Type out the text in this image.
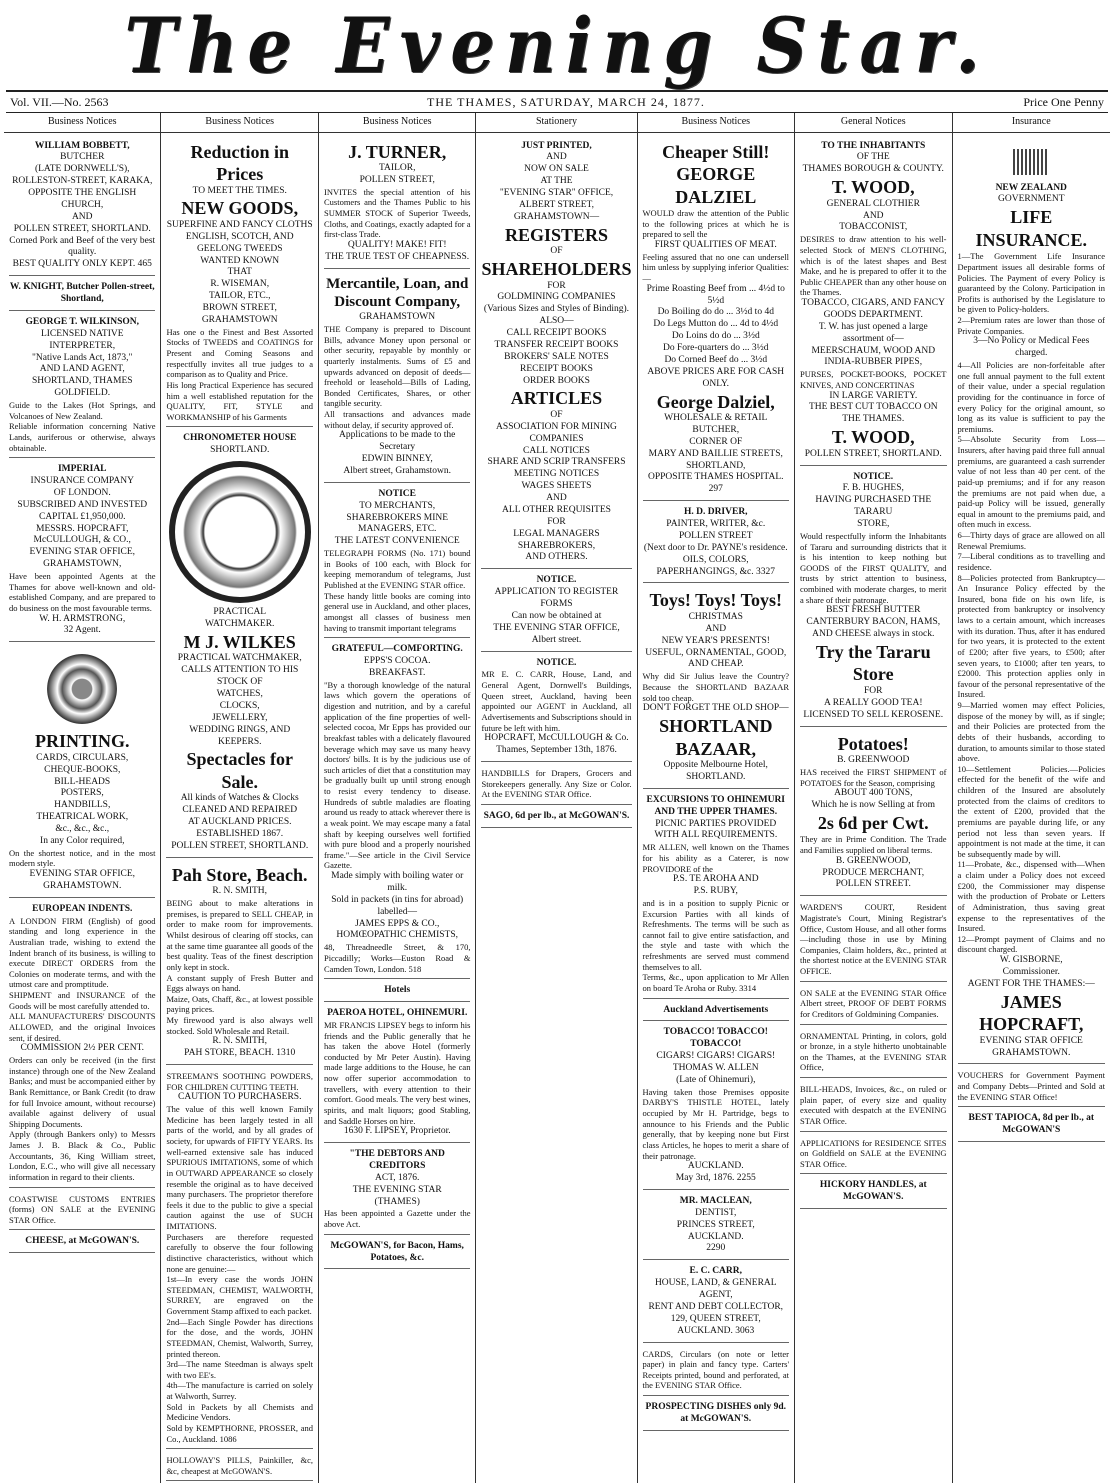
The Evening Star.
Vol. VII.—No. 2563	THE THAMES, SATURDAY, MARCH 24, 1877.	Price One Penny
Business Notices
WILLIAM BOBBETT,
BUTCHER
(LATE DORNWELL'S),
ROLLESTON-STREET, KARAKA,
OPPOSITE THE ENGLISH CHURCH,
AND
POLLEN STREET, SHORTLAND.
Corned Pork and Beef of the very best quality.
BEST QUALITY ONLY KEPT. 465
W. KNIGHT, Butcher Pollen-street, Shortland,
GEORGE T. WILKINSON,
LICENSED NATIVE INTERPRETER,
"Native Lands Act, 1873,"
AND LAND AGENT,
SHORTLAND, THAMES GOLDFIELD.
Guide to the Lakes (Hot Springs, and Volcanoes of New Zealand.
Reliable information concerning Native Lands, auriferous or otherwise, always obtainable.
IMPERIAL
INSURANCE COMPANY
OF LONDON.
SUBSCRIBED AND INVESTED
CAPITAL £1,950,000.
MESSRS. HOPCRAFT, McCULLOUGH, & CO.,
EVENING STAR OFFICE,
GRAHAMSTOWN,
Have been appointed Agents at the Thames for above well-known and old-established Company, and are prepared to do business on the most favourable terms.
W. H. ARMSTRONG,
32 Agent.
PRINTING.
CARDS, CIRCULARS,
CHEQUE-BOOKS,
BILL-HEADS
POSTERS,
HANDBILLS,
THEATRICAL WORK,
&c., &c., &c.,
In any Color required,
On the shortest notice, and in the most modern style.
EVENING STAR OFFICE,
GRAHAMSTOWN.
EUROPEAN INDENTS.
A LONDON FIRM (English) of good standing and long experience in the Australian trade, wishing to extend the Indent branch of its business, is willing to execute DIRECT ORDERS from the Colonies on moderate terms, and with the utmost care and promptitude.
SHIPMENT and INSURANCE of the Goods will be most carefully attended to.
ALL MANUFACTURERS' DISCOUNTS ALLOWED, and the original Invoices sent, if desired.
COMMISSION 2½ PER CENT.
Orders can only be received (in the first instance) through one of the New Zealand Banks; and must be accompanied either by Bank Remittance, or Bank Credit (to draw for full Invoice amount, without recourse) available against delivery of usual Shipping Documents.
Apply (through Bankers only) to Messrs James J. B. Black & Co., Public Accountants, 36, King William street, London, E.C., who will give all necessary information in regard to their clients.
COASTWISE CUSTOMS ENTRIES (forms) ON SALE at the EVENING STAR Office.
CHEESE, at McGOWAN'S.
Business Notices
Reduction in Prices
TO MEET THE TIMES.
NEW GOODS,
SUPERFINE AND FANCY CLOTHS
ENGLISH, SCOTCH, AND GEELONG TWEEDS
WANTED KNOWN
THAT
R. WISEMAN,
TAILOR, ETC.,
BROWN STREET, GRAHAMSTOWN
Has one o the Finest and Best Assorted Stocks of TWEEDS and COATINGS for Present and Coming Seasons and respectfully invites all true judges to a comparison as to Quality and Price.
His long Practical Experience has secured him a well established reputation for the QUALITY, FIT, STYLE and WORKMANSHIP of his Garments
CHRONOMETER HOUSE
SHORTLAND.
PRACTICAL
WATCHMAKER.
M J. WILKES
PRACTICAL WATCHMAKER,
CALLS ATTENTION TO HIS STOCK OF
WATCHES,
CLOCKS,
JEWELLERY,
WEDDING RINGS, AND
KEEPERS.
Spectacles for Sale.
All kinds of Watches & Clocks
CLEANED AND REPAIRED
AT AUCKLAND PRICES.
ESTABLISHED 1867.
POLLEN STREET, SHORTLAND.
Pah Store, Beach.
R. N. SMITH,
BEING about to make alterations in premises, is prepared to SELL CHEAP, in order to make room for improvements. Whilst desirous of clearing off stocks, can at the same time guarantee all goods of the best quality. Teas of the finest description only kept in stock.
A constant supply of Fresh Butter and Eggs always on hand.
Maize, Oats, Chaff, &c., at lowest possible paying prices.
My firewood yard is also always well stocked. Sold Wholesale and Retail.
R. N. SMITH,
PAH STORE, BEACH. 1310
STREEMAN'S SOOTHING POWDERS, FOR CHILDREN CUTTING TEETH.
CAUTION TO PURCHASERS.
The value of this well known Family Medicine has been largely tested in all parts of the world, and by all grades of society, for upwards of FIFTY YEARS. Its well-earned extensive sale has induced SPURIOUS IMITATIONS, some of which in OUTWARD APPEARANCE so closely resemble the original as to have deceived many purchasers. The proprietor therefore feels it due to the public to give a special caution against the use of SUCH IMITATIONS.
Purchasers are therefore requested carefully to observe the four following distinctive characteristics, without which none are genuine:—
1st—In every case the words JOHN STEEDMAN, CHEMIST, WALWORTH, SURREY, are engraved on the Government Stamp affixed to each packet.
2nd—Each Single Powder has directions for the dose, and the words, JOHN STEEDMAN, Chemist, Walworth, Surrey, printed thereon.
3rd—The name Steedman is always spelt with two EE's.
4th—The manufacture is carried on solely at Walworth, Surrey.
Sold in Packets by all Chemists and Medicine Vendors.
Sold by KEMPTHORNE, PROSSER, and Co., Auckland. 1086
HOLLOWAY'S PILLS, Painkiller, &c, &c, cheapest at McGOWAN'S.
Business Notices
J. TURNER,
TAILOR,
POLLEN STREET,
INVITES the special attention of his Customers and the Thames Public to his SUMMER STOCK of Superior Tweeds, Cloths, and Coatings, exactly adapted for a first-class Trade.
QUALITY! MAKE! FIT!
THE TRUE TEST OF CHEAPNESS.
Mercantile, Loan, and Discount Company,
GRAHAMSTOWN
THE Company is prepared to Discount Bills, advance Money upon personal or other security, repayable by monthly or quarterly instalments. Sums of £5 and upwards advanced on deposit of deeds—freehold or leasehold—Bills of Lading, Bonded Certificates, Shares, or other tangible security.
All transactions and advances made without delay, if security approved of.
Applications to be made to the Secretary
EDWIN BINNEY,
Albert street, Grahamstown.
NOTICE
TO MERCHANTS, SHAREBROKERS MINE MANAGERS, ETC.
THE LATEST CONVENIENCE
TELEGRAPH FORMS (No. 171) bound in Books of 100 each, with Block for keeping memorandum of telegrams, Just Published at the EVENING STAR office.
These handy little books are coming into general use in Auckland, and other places, amongst all classes of business men having to transmit important telegrams
GRATEFUL—COMFORTING.
EPPS'S COCOA.
BREAKFAST.
"By a thorough knowledge of the natural laws which govern the operations of digestion and nutrition, and by a careful application of the fine properties of well-selected cocoa, Mr Epps has provided our breakfast tables with a delicately flavoured beverage which may save us many heavy doctors' bills. It is by the judicious use of such articles of diet that a constitution may be gradually built up until strong enough to resist every tendency to disease. Hundreds of subtle maladies are floating around us ready to attack wherever there is a weak point. We may escape many a fatal shaft by keeping ourselves well fortified with pure blood and a properly nourished frame."—See article in the Civil Service Gazette.
Made simply with boiling water or milk.
Sold in packets (in tins for abroad) labelled—
JAMES EPPS & CO.,
HOMŒOPATHIC CHEMISTS,
48, Threadneedle Street, & 170, Piccadilly; Works—Euston Road & Camden Town, London. 518
Hotels
PAEROA HOTEL, OHINEMURI.
MR FRANCIS LIPSEY begs to inform his friends and the Public generally that he has taken the above Hotel (formerly conducted by Mr Peter Austin). Having made large additions to the House, he can now offer superior accommodation to travellers, with every attention to their comfort. Good meals. The very best wines, spirits, and malt liquors; good Stabling, and Saddle Horses on hire.
1630 F. LIPSEY, Proprietor.
"THE DEBTORS AND CREDITORS
ACT, 1876.
THE EVENING STAR
(THAMES)
Has been appointed a Gazette under the above Act.
McGOWAN'S, for Bacon, Hams, Potatoes, &c.
Stationery
JUST PRINTED,
AND
NOW ON SALE
AT THE
"EVENING STAR" OFFICE,
ALBERT STREET,
GRAHAMSTOWN—
REGISTERS
OF
SHAREHOLDERS
FOR
GOLDMINING COMPANIES
(Various Sizes and Styles of Binding).
ALSO—
CALL RECEIPT BOOKS
TRANSFER RECEIPT BOOKS
BROKERS' SALE NOTES
RECEIPT BOOKS
ORDER BOOKS
ARTICLES
OF
ASSOCIATION FOR MINING
COMPANIES
CALL NOTICES
SHARE AND SCRIP TRANSFERS
MEETING NOTICES
WAGES SHEETS
AND
ALL OTHER REQUISITES
FOR
LEGAL MANAGERS
SHAREBROKERS,
AND OTHERS.
NOTICE.
APPLICATION TO REGISTER
FORMS
Can now be obtained at
THE EVENING STAR OFFICE,
Albert street.
NOTICE.
MR E. C. CARR, House, Land, and General Agent, Dornwell's Buildings, Queen street, Auckland, having been appointed our AGENT in Auckland, all Advertisements and Subscriptions should in future be left with him.
HOPCRAFT, McCULLOUGH & Co.
Thames, September 13th, 1876.
HANDBILLS for Drapers, Grocers and Storekeepers generally. Any Size or Color. At the EVENING STAR Office.
SAGO, 6d per lb., at McGOWAN'S.
Business Notices
Cheaper Still!
GEORGE DALZIEL
WOULD draw the attention of the Public to the following prices at which he is prepared to sell the
FIRST QUALITIES OF MEAT.
Feeling assured that no one can undersell him unless by supplying inferior Qualities:—
Prime Roasting Beef from ... 4½d to 5½d
Do Boiling do do ... 3½d to 4d
Do Legs Mutton do ... 4d to 4½d
Do Loins do do ... 3½d
Do Fore-quarters do ... 3½d
Do Corned Beef do ... 3½d
ABOVE PRICES ARE FOR CASH ONLY.
George Dalziel,
WHOLESALE & RETAIL BUTCHER,
CORNER OF
MARY AND BAILLIE STREETS,
SHORTLAND,
OPPOSITE THAMES HOSPITAL.
297
H. D. DRIVER,
PAINTER, WRITER, &c.
POLLEN STREET
(Next door to Dr. PAYNE's residence.
OILS, COLORS, PAPERHANGINGS, &c. 3327
Toys! Toys! Toys!
CHRISTMAS
AND
NEW YEAR'S PRESENTS!
USEFUL, ORNAMENTAL, GOOD, AND CHEAP.
Why did Sir Julius leave the Country? Because the SHORTLAND BAZAAR sold too cheap.
DON'T FORGET THE OLD SHOP—
SHORTLAND BAZAAR,
Opposite Melbourne Hotel,
SHORTLAND.
EXCURSIONS TO OHINEMURI AND THE UPPER THAMES.
PICNIC PARTIES PROVIDED WITH ALL REQUIREMENTS.
MR ALLEN, well known on the Thames for his ability as a Caterer, is now PROVIDORE of the
P.S. TE AROHA AND
P.S. RUBY,
and is in a position to supply Picnic or Excursion Parties with all kinds of Refreshments. The terms will be such as cannot fail to give entire satisfaction, and the style and taste with which the refreshments are served must commend themselves to all.
Terms, &c., upon application to Mr Allen on board Te Aroha or Ruby. 3314
Auckland Advertisements
TOBACCO! TOBACCO! TOBACCO!
CIGARS! CIGARS! CIGARS!
THOMAS W. ALLEN
(Late of Ohinemuri),
Having taken those Premises opposite DARBY'S THISTLE HOTEL, lately occupied by Mr H. Partridge, begs to announce to his Friends and the Public generally, that by keeping none but First class Articles, he hopes to merit a share of their patronage.
AUCKLAND.
May 3rd, 1876. 2255
MR. MACLEAN,
DENTIST,
PRINCES STREET,
AUCKLAND.
2290
E. C. CARR,
HOUSE, LAND, & GENERAL AGENT,
RENT AND DEBT COLLECTOR,
129, QUEEN STREET, AUCKLAND. 3063
CARDS, Circulars (on note or letter paper) in plain and fancy type. Carters' Receipts printed, bound and perforated, at the EVENING STAR Office.
PROSPECTING DISHES only 9d. at McGOWAN'S.
General Notices
TO THE INHABITANTS
OF THE
THAMES BOROUGH & COUNTY.
T. WOOD,
GENERAL CLOTHIER
AND
TOBACCONIST,
DESIRES to draw attention to his well-selected Stock of MEN'S CLOTHING, which is of the latest shapes and Best Make, and he is prepared to offer it to the Public CHEAPER than any other house on the Thames.
TOBACCO, CIGARS, AND FANCY GOODS DEPARTMENT.
T. W. has just opened a large assortment of—
MEERSCHAUM, WOOD AND INDIA-RUBBER PIPES,
PURSES, POCKET-BOOKS, POCKET KNIVES, AND CONCERTINAS
IN LARGE VARIETY.
THE BEST CUT TOBACCO ON THE THAMES.
T. WOOD,
POLLEN STREET, SHORTLAND.
NOTICE.
F. B. HUGHES,
HAVING PURCHASED THE TARARU
STORE,
Would respectfully inform the Inhabitants of Tararu and surrounding districts that it is his intention to keep nothing but GOODS of the FIRST QUALITY, and trusts by strict attention to business, combined with moderate charges, to merit a share of their patronage.
BEST FRESH BUTTER
CANTERBURY BACON, HAMS,
AND CHEESE always in stock.
Try the Tararu Store
FOR
A REALLY GOOD TEA!
LICENSED TO SELL KEROSENE.
Potatoes!
B. GREENWOOD
HAS received the FIRST SHIPMENT of POTATOES for the Season, comprising
ABOUT 400 TONS,
Which he is now Selling at from
2s 6d per Cwt.
They are in Prime Condition. The Trade and Families supplied on liberal terms.
B. GREENWOOD,
PRODUCE MERCHANT,
POLLEN STREET.
WARDEN'S COURT, Resident Magistrate's Court, Mining Registrar's Office, Custom House, and all other forms—including those in use by Mining Companies, Claim holders, &c., printed at the shortest notice at the EVENING STAR OFFICE.
ON SALE at the EVENING STAR Office Albert street, PROOF OF DEBT FORMS for Creditors of Goldmining Companies.
ORNAMENTAL Printing, in colors, gold or bronze, in a style hitherto unobtainable on the Thames, at the EVENING STAR Office,
BILL-HEADS, Invoices, &c., on ruled or plain paper, of every size and quality executed with despatch at the EVENING STAR Office.
APPLICATIONS for RESIDENCE SITES on Goldfield on SALE at the EVENING STAR Office.
HICKORY HANDLES, at McGOWAN'S.
Insurance
NEW ZEALAND
GOVERNMENT
LIFE INSURANCE.
1—The Government Life Insurance Department issues all desirable forms of Policies. The Payment of every Policy is guaranteed by the Colony. Participation in Profits is authorised by the Legislature to be given to Policy-holders.
2—Premium rates are lower than those of Private Companies.
3—No Policy or Medical Fees charged.
4—All Policies are non-forfeitable after one full annual payment to the full extent of their value, under a special regulation providing for the continuance in force of every Policy for the original amount, so long as its value is sufficient to pay the premiums.
5—Absolute Security from Loss—Insurers, after having paid three full annual premiums, are guaranteed a cash surrender value of not less than 40 per cent. of the paid-up premiums; and if for any reason the premiums are not paid when due, a paid-up Policy will be issued, generally equal in amount to the premiums paid, and often much in excess.
6—Thirty days of grace are allowed on all Renewal Premiums.
7—Liberal conditions as to travelling and residence.
8—Policies protected from Bankruptcy—An Insurance Policy effected by the Insured, bona fide on his own life, is protected from bankruptcy or insolvency laws to a certain amount, which increases with its duration. Thus, after it has endured for two years, it is protected to the extent of £200; after five years, to £500; after seven years, to £1000; after ten years, to £2000. This protection applies only in favour of the personal representative of the Insured.
9—Married women may effect Policies, dispose of the money by will, as if single; and their Policies are protected from the debts of their husbands, according to duration, to amounts similar to those stated above.
10—Settlement Policies.—Policies effected for the benefit of the wife and children of the Insured are absolutely protected from the claims of creditors to the extent of £200, provided that the premiums are payable during life, or any period not less than seven years. If appointment is not made at the time, it can be subsequently made by will.
11—Probate, &c., dispensed with—When a claim under a Policy does not exceed £200, the Commissioner may dispense with the production of Probate or Letters of Administration, thus saving great expense to the representatives of the Insured.
12—Prompt payment of Claims and no discount charged.
W. GISBORNE,
Commissioner.
AGENT FOR THE THAMES:—
JAMES HOPCRAFT,
EVENING STAR OFFICE
GRAHAMSTOWN.
VOUCHERS for Government Payment and Company Debts—Printed and Sold at the EVENING STAR Office!
BEST TAPIOCA, 8d per lb., at McGOWAN'S
